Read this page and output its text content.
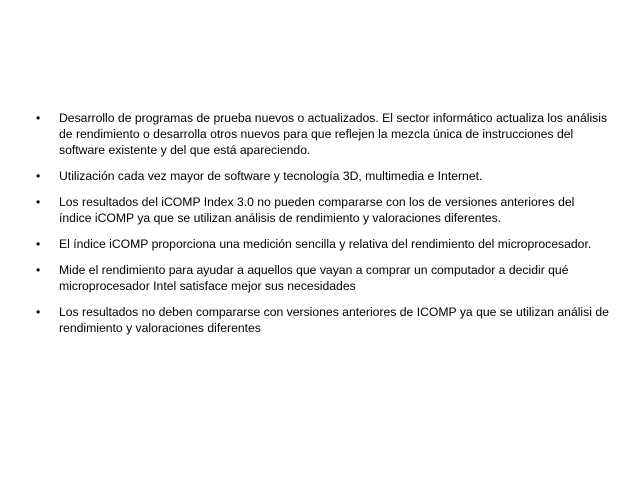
•	Desarrollo de programas de prueba nuevos o actualizados. El sector informático actualiza los análisis de rendimiento o desarrolla otros nuevos para que reflejen la mezcla única de instrucciones del software existente y del que está apareciendo.
•	Utilización cada vez mayor de software y tecnología 3D, multimedia e Internet.
•	Los resultados del iCOMP Index 3.0 no pueden compararse con los de versiones anteriores del índice iCOMP ya que se utilizan análisis de rendimiento y valoraciones diferentes.
•	El índice iCOMP proporciona una medición sencilla y relativa del rendimiento del microprocesador.
•	Mide el rendimiento para ayudar a aquellos que vayan a comprar un computador a decidir qué microprocesador Intel satisface mejor sus necesidades
•	Los resultados no deben compararse con versiones anteriores de ICOMP ya que se utilizan análisi de rendimiento y valoraciones diferentes
